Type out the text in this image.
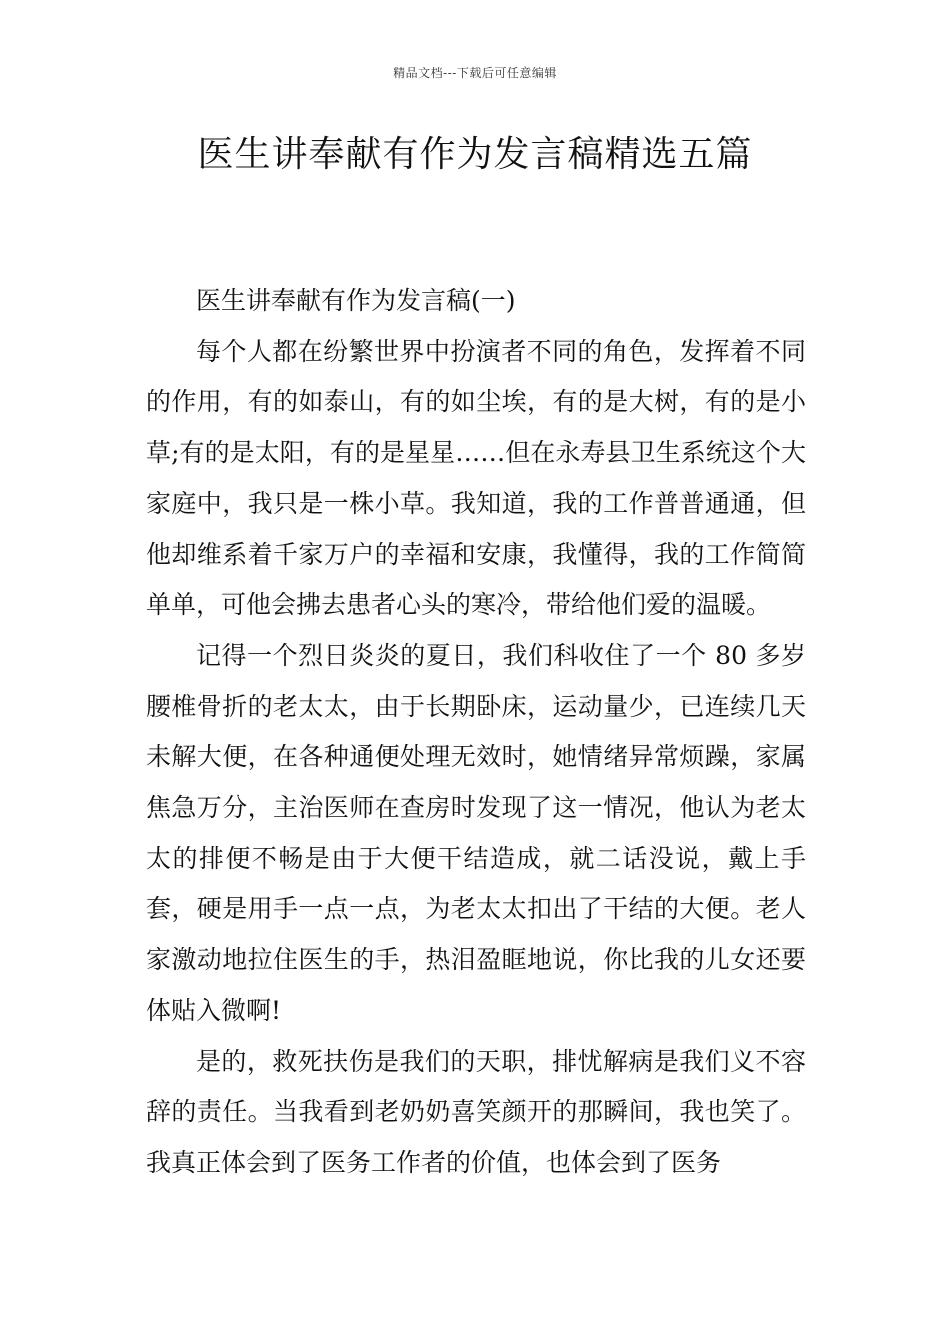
精品文档---下载后可任意编辑
医生讲奉献有作为发言稿精选五篇

医生讲奉献有作为发言稿(一)

每个人都在纷繁世界中扮演者不同的角色，发挥着不同的作用，有的如泰山，有的如尘埃，有的是大树，有的是小草;有的是太阳，有的是星星……但在永寿县卫生系统这个大家庭中，我只是一株小草。我知道，我的工作普普通通，但他却维系着千家万户的幸福和安康，我懂得，我的工作简简单单，可他会拂去患者心头的寒冷，带给他们爱的温暖。

记得一个烈日炎炎的夏日，我们科收住了一个 80 多岁腰椎骨折的老太太，由于长期卧床，运动量少，已连续几天未解大便，在各种通便处理无效时，她情绪异常烦躁，家属焦急万分，主治医师在查房时发现了这一情况，他认为老太太的排便不畅是由于大便干结造成，就二话没说，戴上手套，硬是用手一点一点，为老太太扣出了干结的大便。老人家激动地拉住医生的手，热泪盈眶地说，你比我的儿女还要体贴入微啊!

是的，救死扶伤是我们的天职，排忧解病是我们义不容辞的责任。当我看到老奶奶喜笑颜开的那瞬间，我也笑了。我真正体会到了医务工作者的价值，也体会到了医务
